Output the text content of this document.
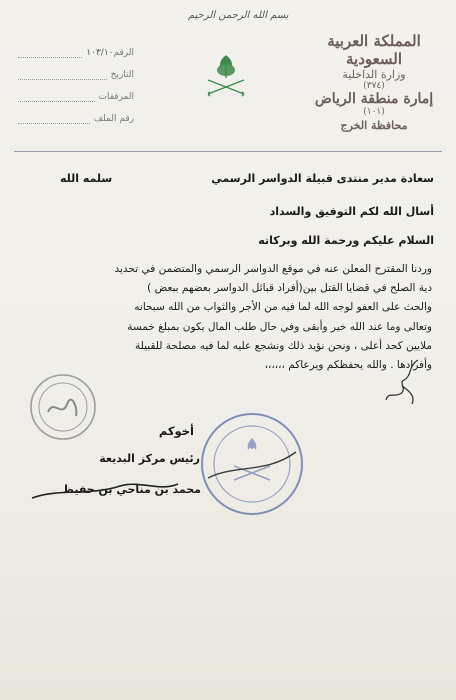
بسم الله الرحمن الرحيم
المملكة العربية السعودية
وزارة الداخلية
(٣٧٤)
إمارة منطقة الرياض
(١٠١)
محافظة الخرج
الرقم
١٠٣/١٠
التاريخ
المرفقات
رقم الملف
سعادة مدير منتدى قبيلة الدواسر الرسمي
سلمه الله
أسال الله لكم التوفيق والسداد
السلام عليكم ورحمة الله وبركاته
وردنا المقترح المعلن عنه في موقع الدواسر الرسمي والمتضمن في تحديد
دية الصلح في قضايا القتل بين(أفراد قبائل الدواسر بعضهم ببعض )
والحث على العفو لوجه الله لما فيه من الأجر والثواب من الله سبحانه
وتعالى وما عند الله خير وأبقى وفي حال طلب المال يكون بمبلغ خمسة
ملايين كحد أعلى ، ونحن نؤيد ذلك ونشجع عليه لما فيه مصلحة للقبيلة
وأفرادها . والله يحفظكم ويرعاكم ،،،،،،
أخوكم
رئيس مركز البديعة
محمد بن مناحي بن حفيظ
